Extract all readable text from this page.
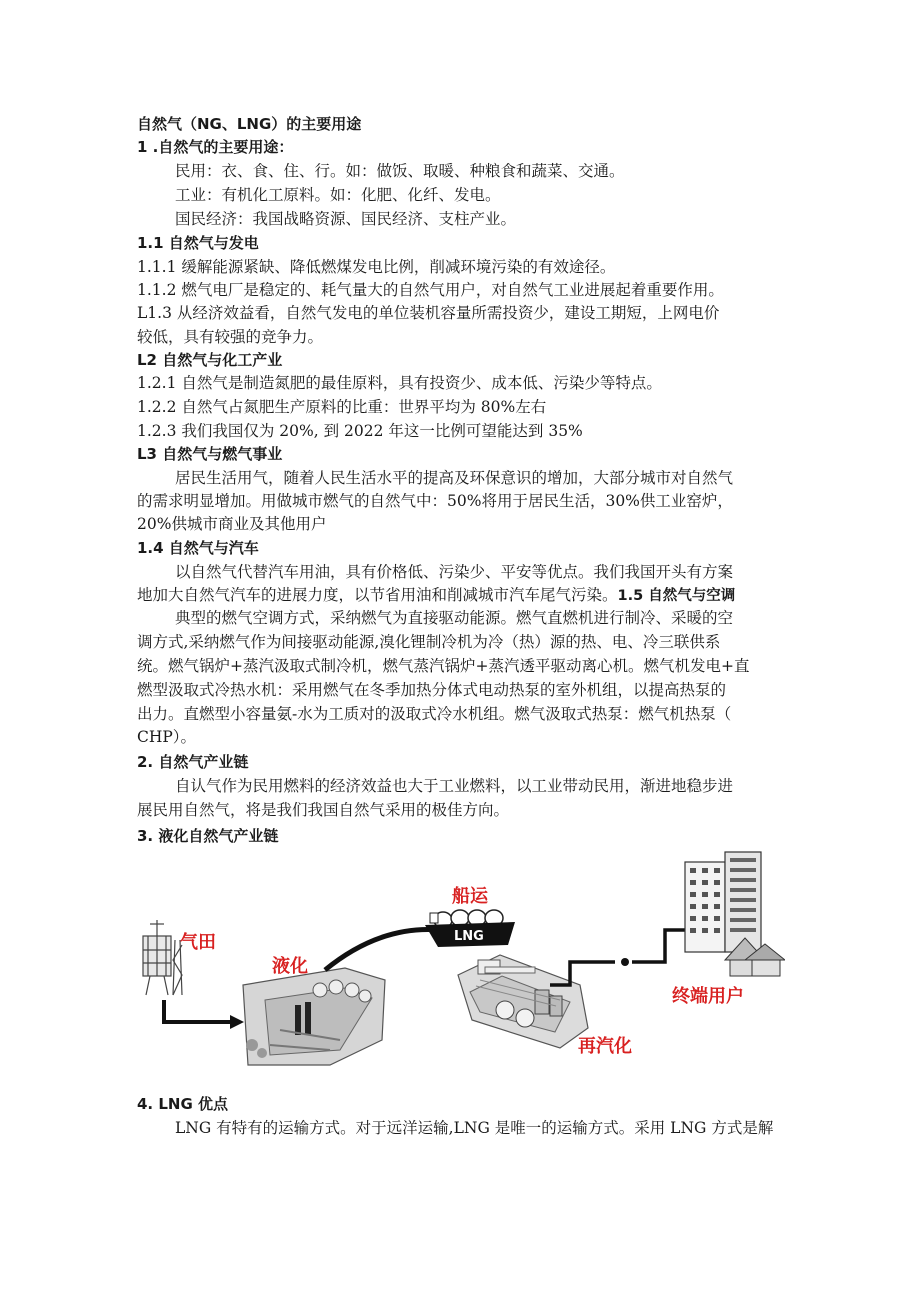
自然气（NG、LNG）的主要用途
1 .自然气的主要用途：
民用：衣、食、住、行。如：做饭、取暖、种粮食和蔬菜、交通。
工业：有机化工原料。如：化肥、化纤、发电。
国民经济：我国战略资源、国民经济、支柱产业。
1.1 自然气与发电
1.1.1 缓解能源紧缺、降低燃煤发电比例，削减环境污染的有效途径。
1.1.2 燃气电厂是稳定的、耗气量大的自然气用户，对自然气工业进展起着重要作用。
L1.3 从经济效益看，自然气发电的单位装机容量所需投资少，建设工期短，上网电价
较低，具有较强的竞争力。
L2 自然气与化工产业
1.2.1 自然气是制造氮肥的最佳原料，具有投资少、成本低、污染少等特点。
1.2.2 自然气占氮肥生产原料的比重：世界平均为 80%左右
1.2.3 我们我国仅为 20%, 到 2022 年这一比例可望能达到 35%
L3 自然气与燃气事业
居民生活用气，随着人民生活水平的提高及环保意识的增加，大部分城市对自然气
的需求明显增加。用做城市燃气的自然气中：50%将用于居民生活，30%供工业窑炉，
20%供城市商业及其他用户
1.4 自然气与汽车
以自然气代替汽车用油，具有价格低、污染少、平安等优点。我们我国开头有方案
地加大自然气汽车的进展力度，以节省用油和削减城市汽车尾气污染。1.5 自然气与空调
典型的燃气空调方式，采纳燃气为直接驱动能源。燃气直燃机进行制冷、采暖的空
调方式,采纳燃气作为间接驱动能源,溴化锂制冷机为冷（热）源的热、电、冷三联供系
统。燃气锅炉+蒸汽汲取式制冷机，燃气蒸汽锅炉+蒸汽透平驱动离心机。燃气机发电+直
燃型汲取式冷热水机：采用燃气在冬季加热分体式电动热泵的室外机组，以提高热泵的
出力。直燃型小容量氨-水为工质对的汲取式冷水机组。燃气汲取式热泵：燃气机热泵（
CHP）。
2. 自然气产业链
自认气作为民用燃料的经济效益也大于工业燃料，以工业带动民用，渐进地稳步进
展民用自然气，将是我们我国自然气采用的极佳方向。
3. 液化自然气产业链
气田
液化
LNG
船运
再汽化
终端用户
4. LNG 优点
LNG 有特有的运输方式。对于远洋运输,LNG 是唯一的运输方式。采用 LNG 方式是解
